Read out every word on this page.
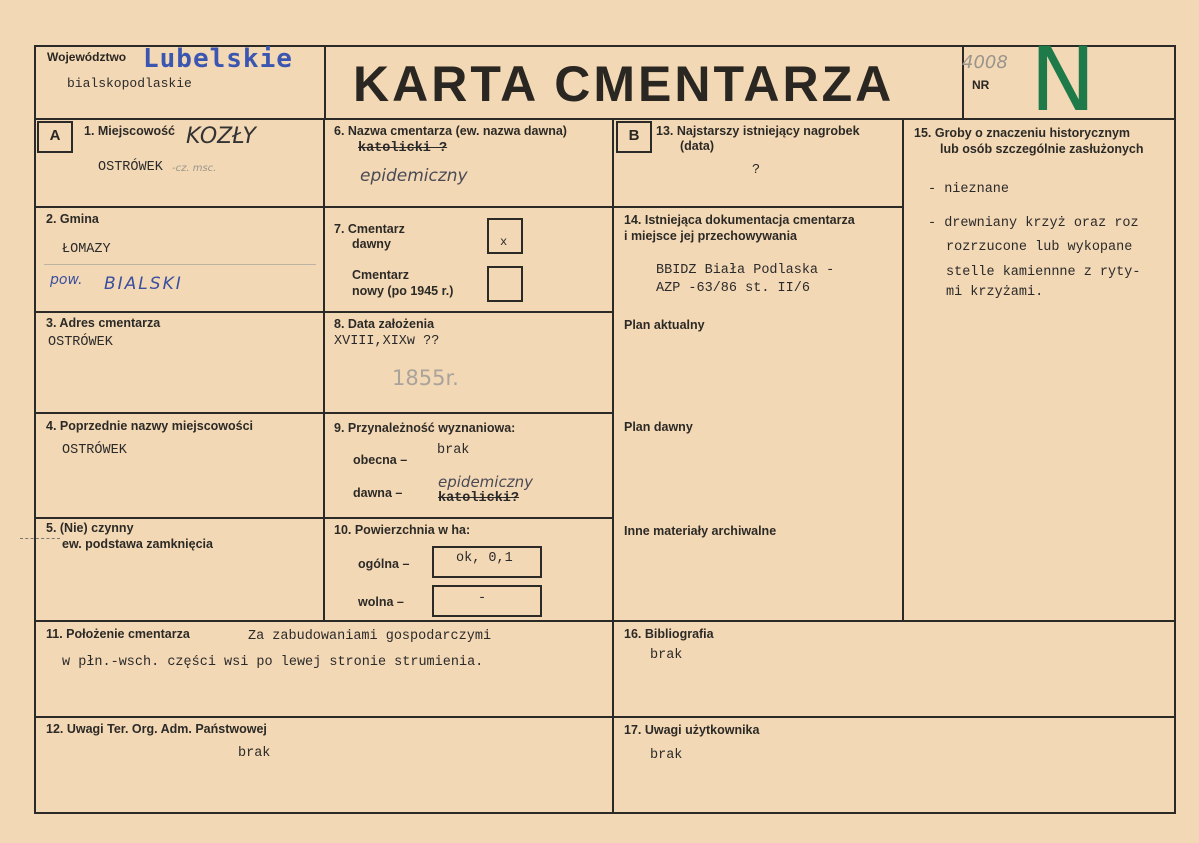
Województwo Lubelskie
bialskopodlaskie	KARTA CMENTARZA	4008
NR N
A	1. Miejscowość KOZŁY
OSTRÓWEK -cz. msc.
2. Gmina
ŁOMAZY
pow. BIALSKI
3. Adres cmentarza
OSTRÓWEK
4. Poprzednie nazwy miejscowości
OSTRÓWEK
5. (Nie) czynny
ew. podstawa zamknięcia
6. Nazwa cmentarza (ew. nazwa dawna)
katolicki ?
epidemiczny
7. Cmentarz
dawny	x
Cmentarz
nowy (po 1945 r.)
8. Data założenia
XVIII,XIXw ??
1855r.
9. Przynależność wyznaniowa:
obecna –
brak
dawna –
epidemiczny
katolicki?
10. Powierzchnia w ha:
ogólna –	ok, 0,1
wolna –	-
B	13. Najstarszy istniejący nagrobek
(data)
?
14. Istniejąca dokumentacja cmentarza
i miejsce jej przechowywania
BBIDZ Biała Podlaska -
AZP -63/86 st. II/6
Plan aktualny
Plan dawny
Inne materiały archiwalne
15. Groby o znaczeniu historycznym
lub osób szczególnie zasłużonych
- nieznane
- drewniany krzyż oraz roz
rozrzucone lub wykopane
stelle kamiennne z ryty-
mi krzyżami.
11. Położenie cmentarza	Za zabudowaniami gospodarczymi
w płn.-wsch. części wsi po lewej stronie strumienia.
16. Bibliografia
brak
12. Uwagi Ter. Org. Adm. Państwowej
brak
17. Uwagi użytkownika
brak
